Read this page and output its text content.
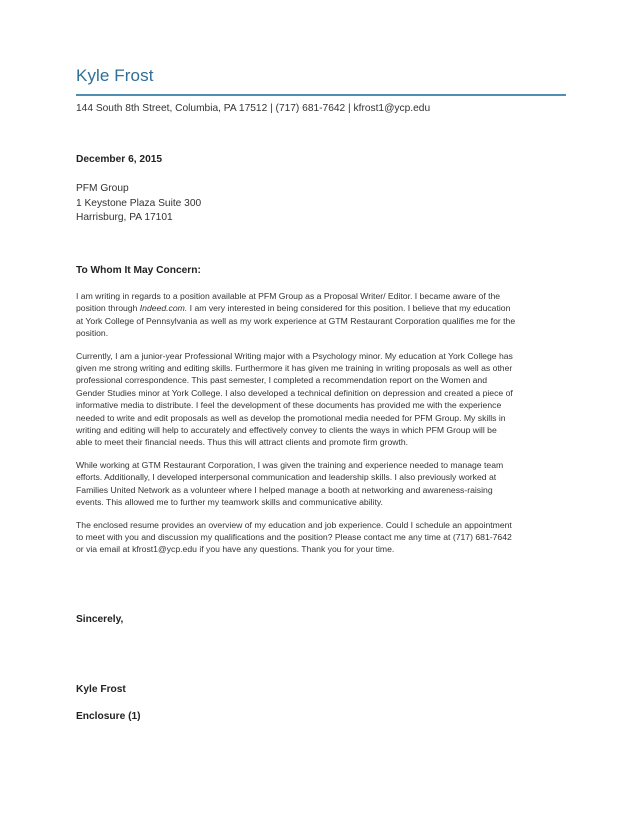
Kyle Frost
144 South 8th Street, Columbia, PA 17512 | (717) 681-7642 | kfrost1@ycp.edu
December 6, 2015
PFM Group
1 Keystone Plaza Suite 300
Harrisburg, PA 17101
To Whom It May Concern:

I am writing in regards to a position available at PFM Group as a Proposal Writer/ Editor. I became aware of the
position through Indeed.com. I am very interested in being considered for this position. I believe that my education
at York College of Pennsylvania as well as my work experience at GTM Restaurant Corporation qualifies me for the
position.

Currently, I am a junior-year Professional Writing major with a Psychology minor. My education at York College has
given me strong writing and editing skills. Furthermore it has given me training in writing proposals as well as other
professional correspondence. This past semester, I completed a recommendation report on the Women and
Gender Studies minor at York College. I also developed a technical definition on depression and created a piece of
informative media to distribute. I feel the development of these documents has provided me with the experience
needed to write and edit proposals as well as develop the promotional media needed for PFM Group. My skills in
writing and editing will help to accurately and effectively convey to clients the ways in which PFM Group will be
able to meet their financial needs. Thus this will attract clients and promote firm growth.

While working at GTM Restaurant Corporation, I was given the training and experience needed to manage team
efforts. Additionally, I developed interpersonal communication and leadership skills. I also previously worked at
Families United Network as a volunteer where I helped manage a booth at networking and awareness-raising
events. This allowed me to further my teamwork skills and communicative ability.

The enclosed resume provides an overview of my education and job experience. Could I schedule an appointment
to meet with you and discussion my qualifications and the position? Please contact me any time at (717) 681-7642
or via email at kfrost1@ycp.edu if you have any questions. Thank you for your time.

Sincerely,
Kyle Frost
Enclosure (1)
